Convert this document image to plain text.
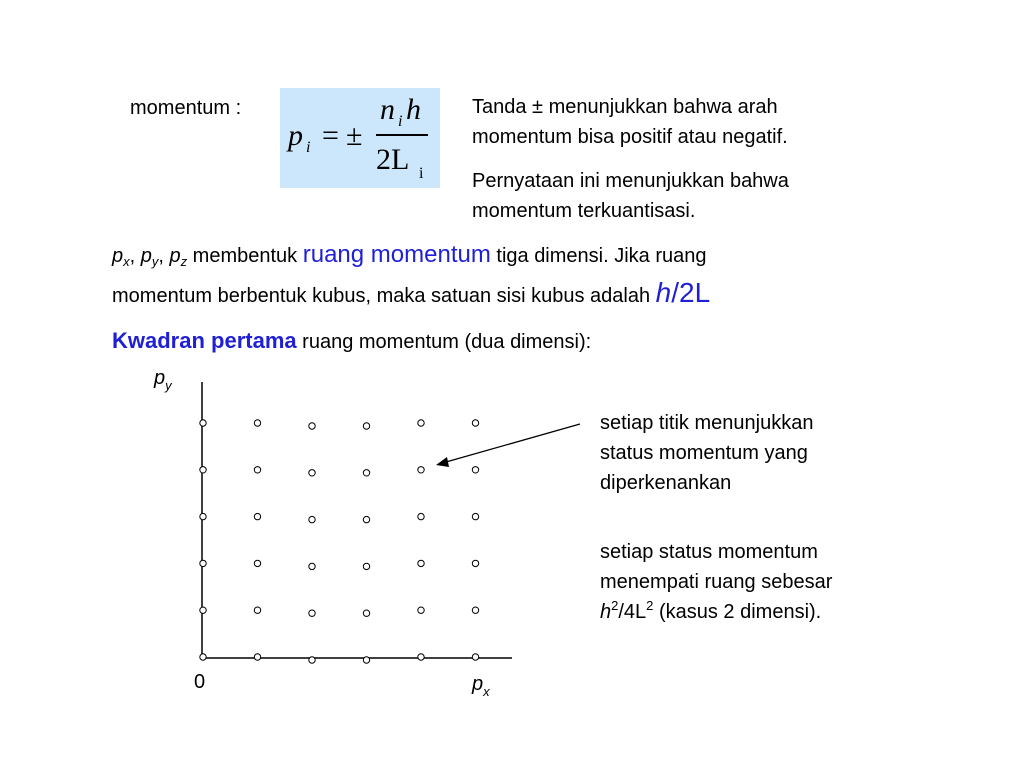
momentum :
p i = ±
n i h
2L i
Tanda ± menunjukkan bahwa arah
momentum bisa positif atau negatif.
Pernyataan ini menunjukkan bahwa
momentum terkuantisasi.
$p_x$, $p_y$, $p_z$ membentuk ruang momentum tiga dimensi. Jika ruang
momentum berbentuk kubus, maka satuan sisi kubus adalah h/2L
Kwadran pertama ruang momentum (dua dimensi):
$p_y$
0	$p_x$
setiap titik menunjukkan
status momentum yang
diperkenankan
setiap status momentum
menempati ruang sebesar
$h^2/4L^2$ (kasus 2 dimensi).
